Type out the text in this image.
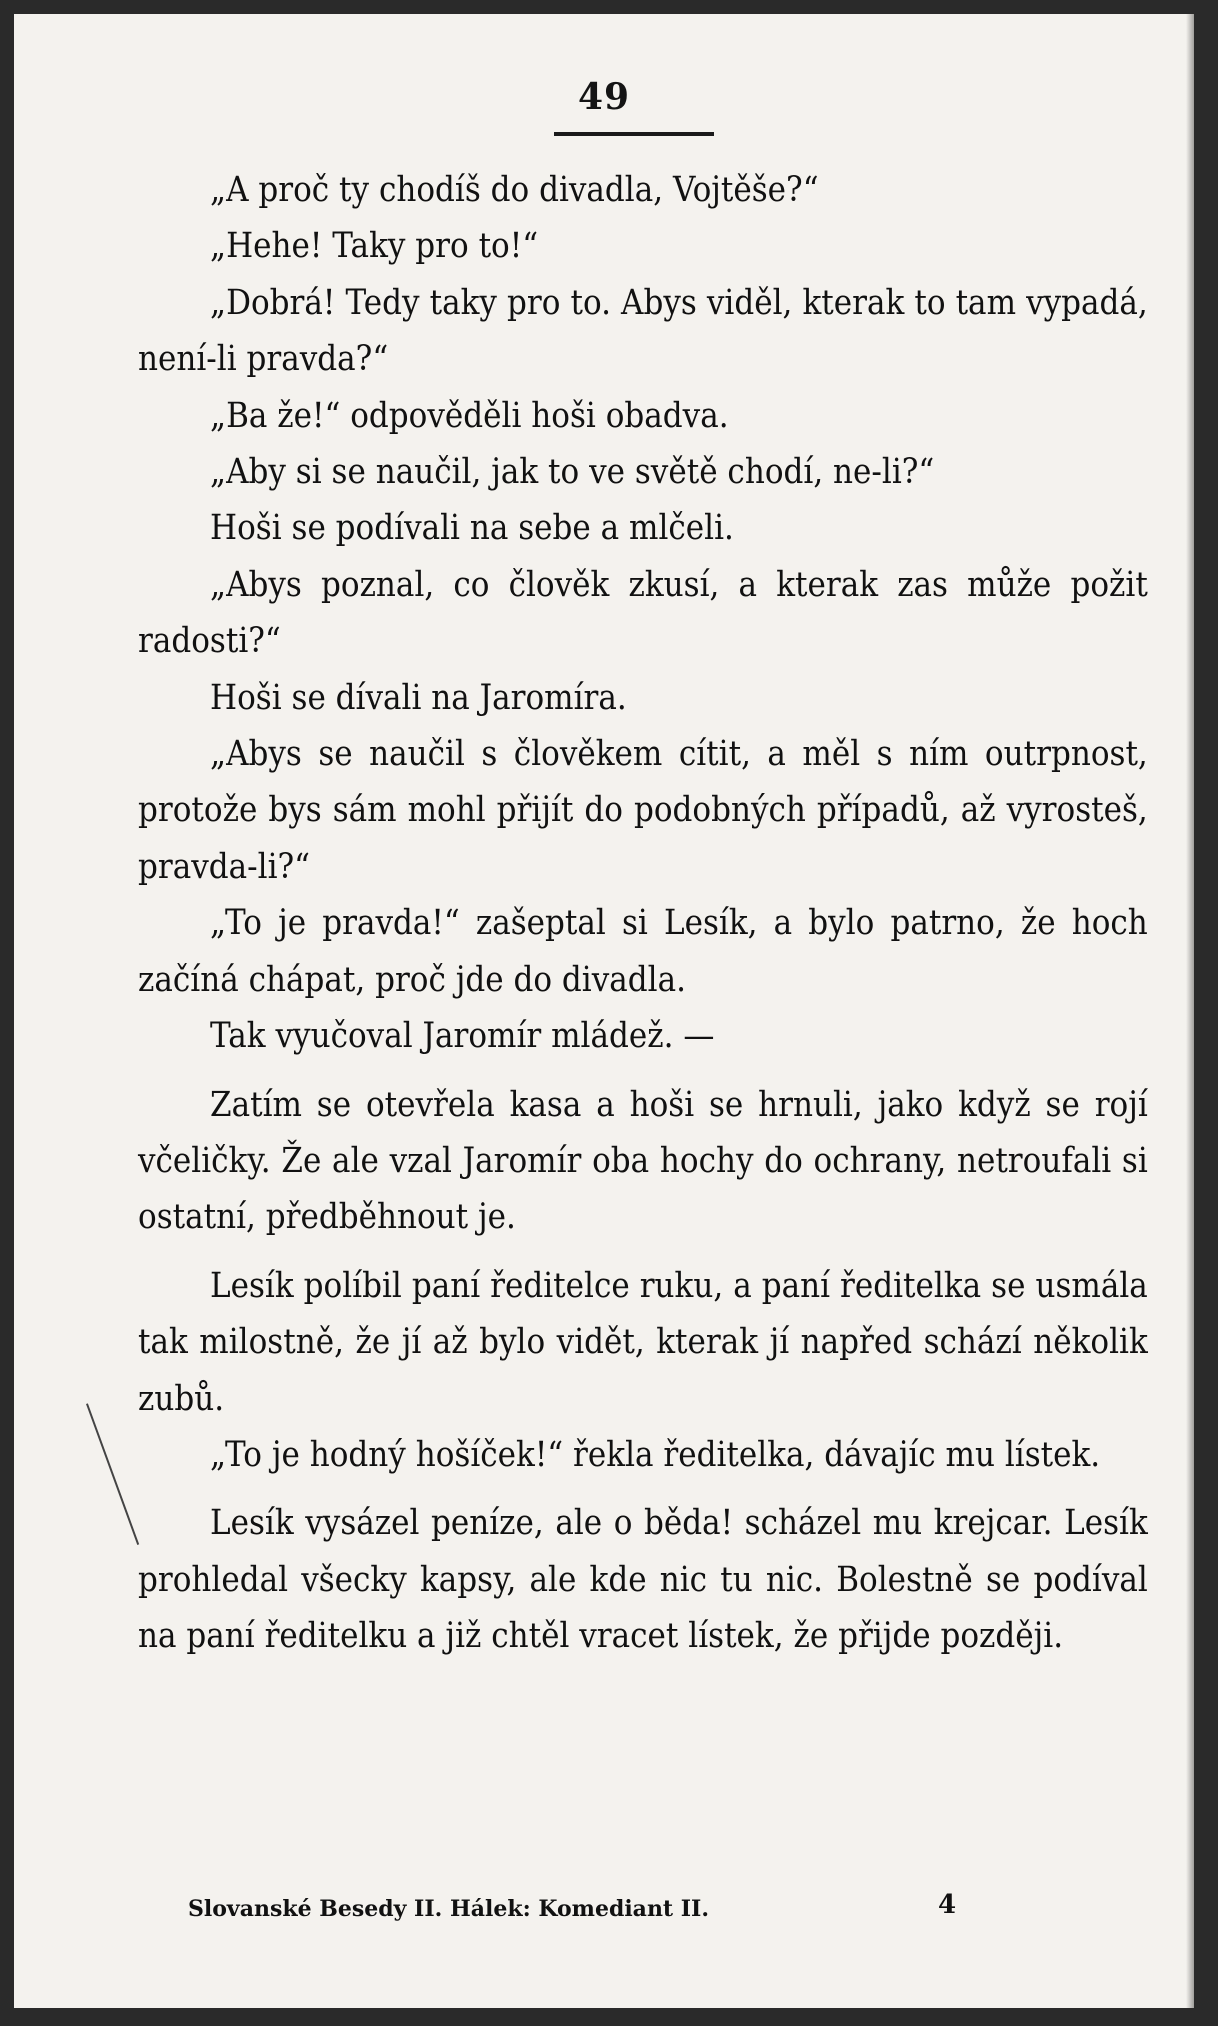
49

„A proč ty chodíš do divadla, Vojtěše?“

„Hehe! Taky pro to!“

„Dobrá! Tedy taky pro to. Abys viděl, kterak to tam vypadá, není-li pravda?“

„Ba že!“ odpověděli hoši obadva.

„Aby si se naučil, jak to ve světě chodí, ne-li?“

Hoši se podívali na sebe a mlčeli.

„Abys poznal, co člověk zkusí, a kterak zas může požit radosti?“

Hoši se dívali na Jaromíra.

„Abys se naučil s člověkem cítit, a měl s ním outrpnost, protože bys sám mohl přijít do podobných případů, až vyrosteš, pravda-li?“

„To je pravda!“ zašeptal si Lesík, a bylo patrno, že hoch začíná chápat, proč jde do divadla.

Tak vyučoval Jaromír mládež. —

Zatím se otevřela kasa a hoši se hrnuli, jako když se rojí včeličky. Že ale vzal Jaromír oba hochy do ochrany, netroufali si ostatní, předběhnout je.

Lesík políbil paní ředitelce ruku, a paní ředitelka se usmála tak milostně, že jí až bylo vidět, kterak jí napřed schází několik zubů.

„To je hodný hošíček!“ řekla ředitelka, dávajíc mu lístek.

Lesík vysázel peníze, ale o běda! scházel mu krejcar. Lesík prohledal všecky kapsy, ale kde nic tu nic. Bolestně se podíval na paní ředitelku a již chtěl vracet lístek, že přijde později.

Slovanské Besedy II. Hálek: Komediant II.	4
